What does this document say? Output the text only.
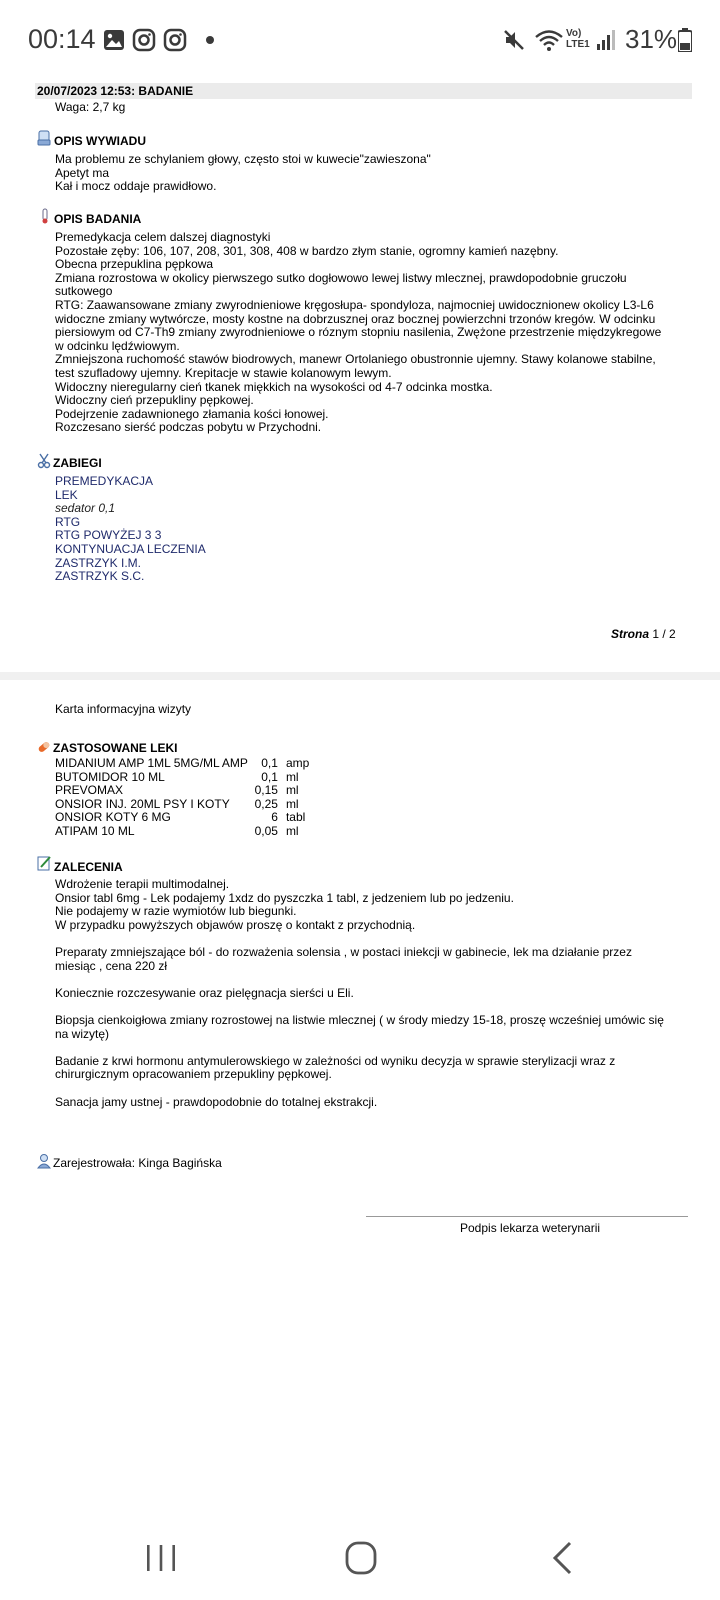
00:14	Vo) LTE1 31%
20/07/2023 12:53: BADANIE
Waga: 2,7 kg
OPIS WYWIADU
Ma problemu ze schylaniem głowy, często stoi w kuwecie"zawieszona"
Apetyt ma
Kał i mocz oddaje prawidłowo.
OPIS BADANIA
Premedykacja celem dalszej diagnostyki
Pozostałe zęby: 106, 107, 208, 301, 308, 408 w bardzo złym stanie, ogromny kamień nazębny.
Obecna przepuklina pępkowa
Zmiana rozrostowa w okolicy pierwszego sutko dogłowowo lewej listwy mlecznej, prawdopodobnie gruczołu
sutkowego
RTG: Zaawansowane zmiany zwyrodnieniowe kręgosłupa- spondyloza, najmocniej uwidocznionew okolicy L3-L6
widoczne zmiany wytwórcze, mosty kostne na dobrzusznej oraz bocznej powierzchni trzonów kregów. W odcinku
piersiowym od C7-Th9 zmiany zwyrodnieniowe o róznym stopniu nasilenia, Zwężone przestrzenie międzykregowe
w odcinku lędźwiowym.
Zmniejszona ruchomość stawów biodrowych, manewr Ortolaniego obustronnie ujemny. Stawy kolanowe stabilne,
test szufladowy ujemny. Krepitacje w stawie kolanowym lewym.
Widoczny nieregularny cień tkanek miękkich na wysokości od 4-7 odcinka mostka.
Widoczny cień przepukliny pępkowej.
Podejrzenie zadawnionego złamania kości łonowej.
Rozczesano sierść podczas pobytu w Przychodni.
ZABIEGI
PREMEDYKACJA
LEK
sedator 0,1
RTG
RTG POWYŻEJ 3 3
KONTYNUACJA LECZENIA
ZASTRZYK I.M.
ZASTRZYK S.C.
Strona 1 / 2
Karta informacyjna wizyty
ZASTOSOWANE LEKI
MIDANIUM AMP 1ML 5MG/ML AMP	0,1	amp
BUTOMIDOR 10 ML	0,1	ml
PREVOMAX	0,15	ml
ONSIOR INJ. 20ML PSY I KOTY	0,25	ml
ONSIOR KOTY 6 MG	6	tabl
ATIPAM 10 ML	0,05	ml
ZALECENIA
Wdrożenie terapii multimodalnej.
Onsior tabl 6mg - Lek podajemy 1xdz do pyszczka 1 tabl, z jedzeniem lub po jedzeniu.
Nie podajemy w razie wymiotów lub biegunki.
W przypadku powyższych objawów proszę o kontakt z przychodnią.
Preparaty zmniejszające ból - do rozważenia solensia , w postaci iniekcji w gabinecie, lek ma działanie przez
miesiąc , cena 220 zł
Koniecznie rozczesywanie oraz pielęgnacja sierści u Eli.
Biopsja cienkoigłowa zmiany rozrostowej na listwie mlecznej ( w środy miedzy 15-18, proszę wcześniej umówic się
na wizytę)
Badanie z krwi hormonu antymulerowskiego w zależności od wyniku decyzja w sprawie sterylizacji wraz z
chirurgicznym opracowaniem przepukliny pępkowej.
Sanacja jamy ustnej - prawdopodobnie do totalnej ekstrakcji.
Zarejestrowała: Kinga Bagińska
Podpis lekarza weterynarii
